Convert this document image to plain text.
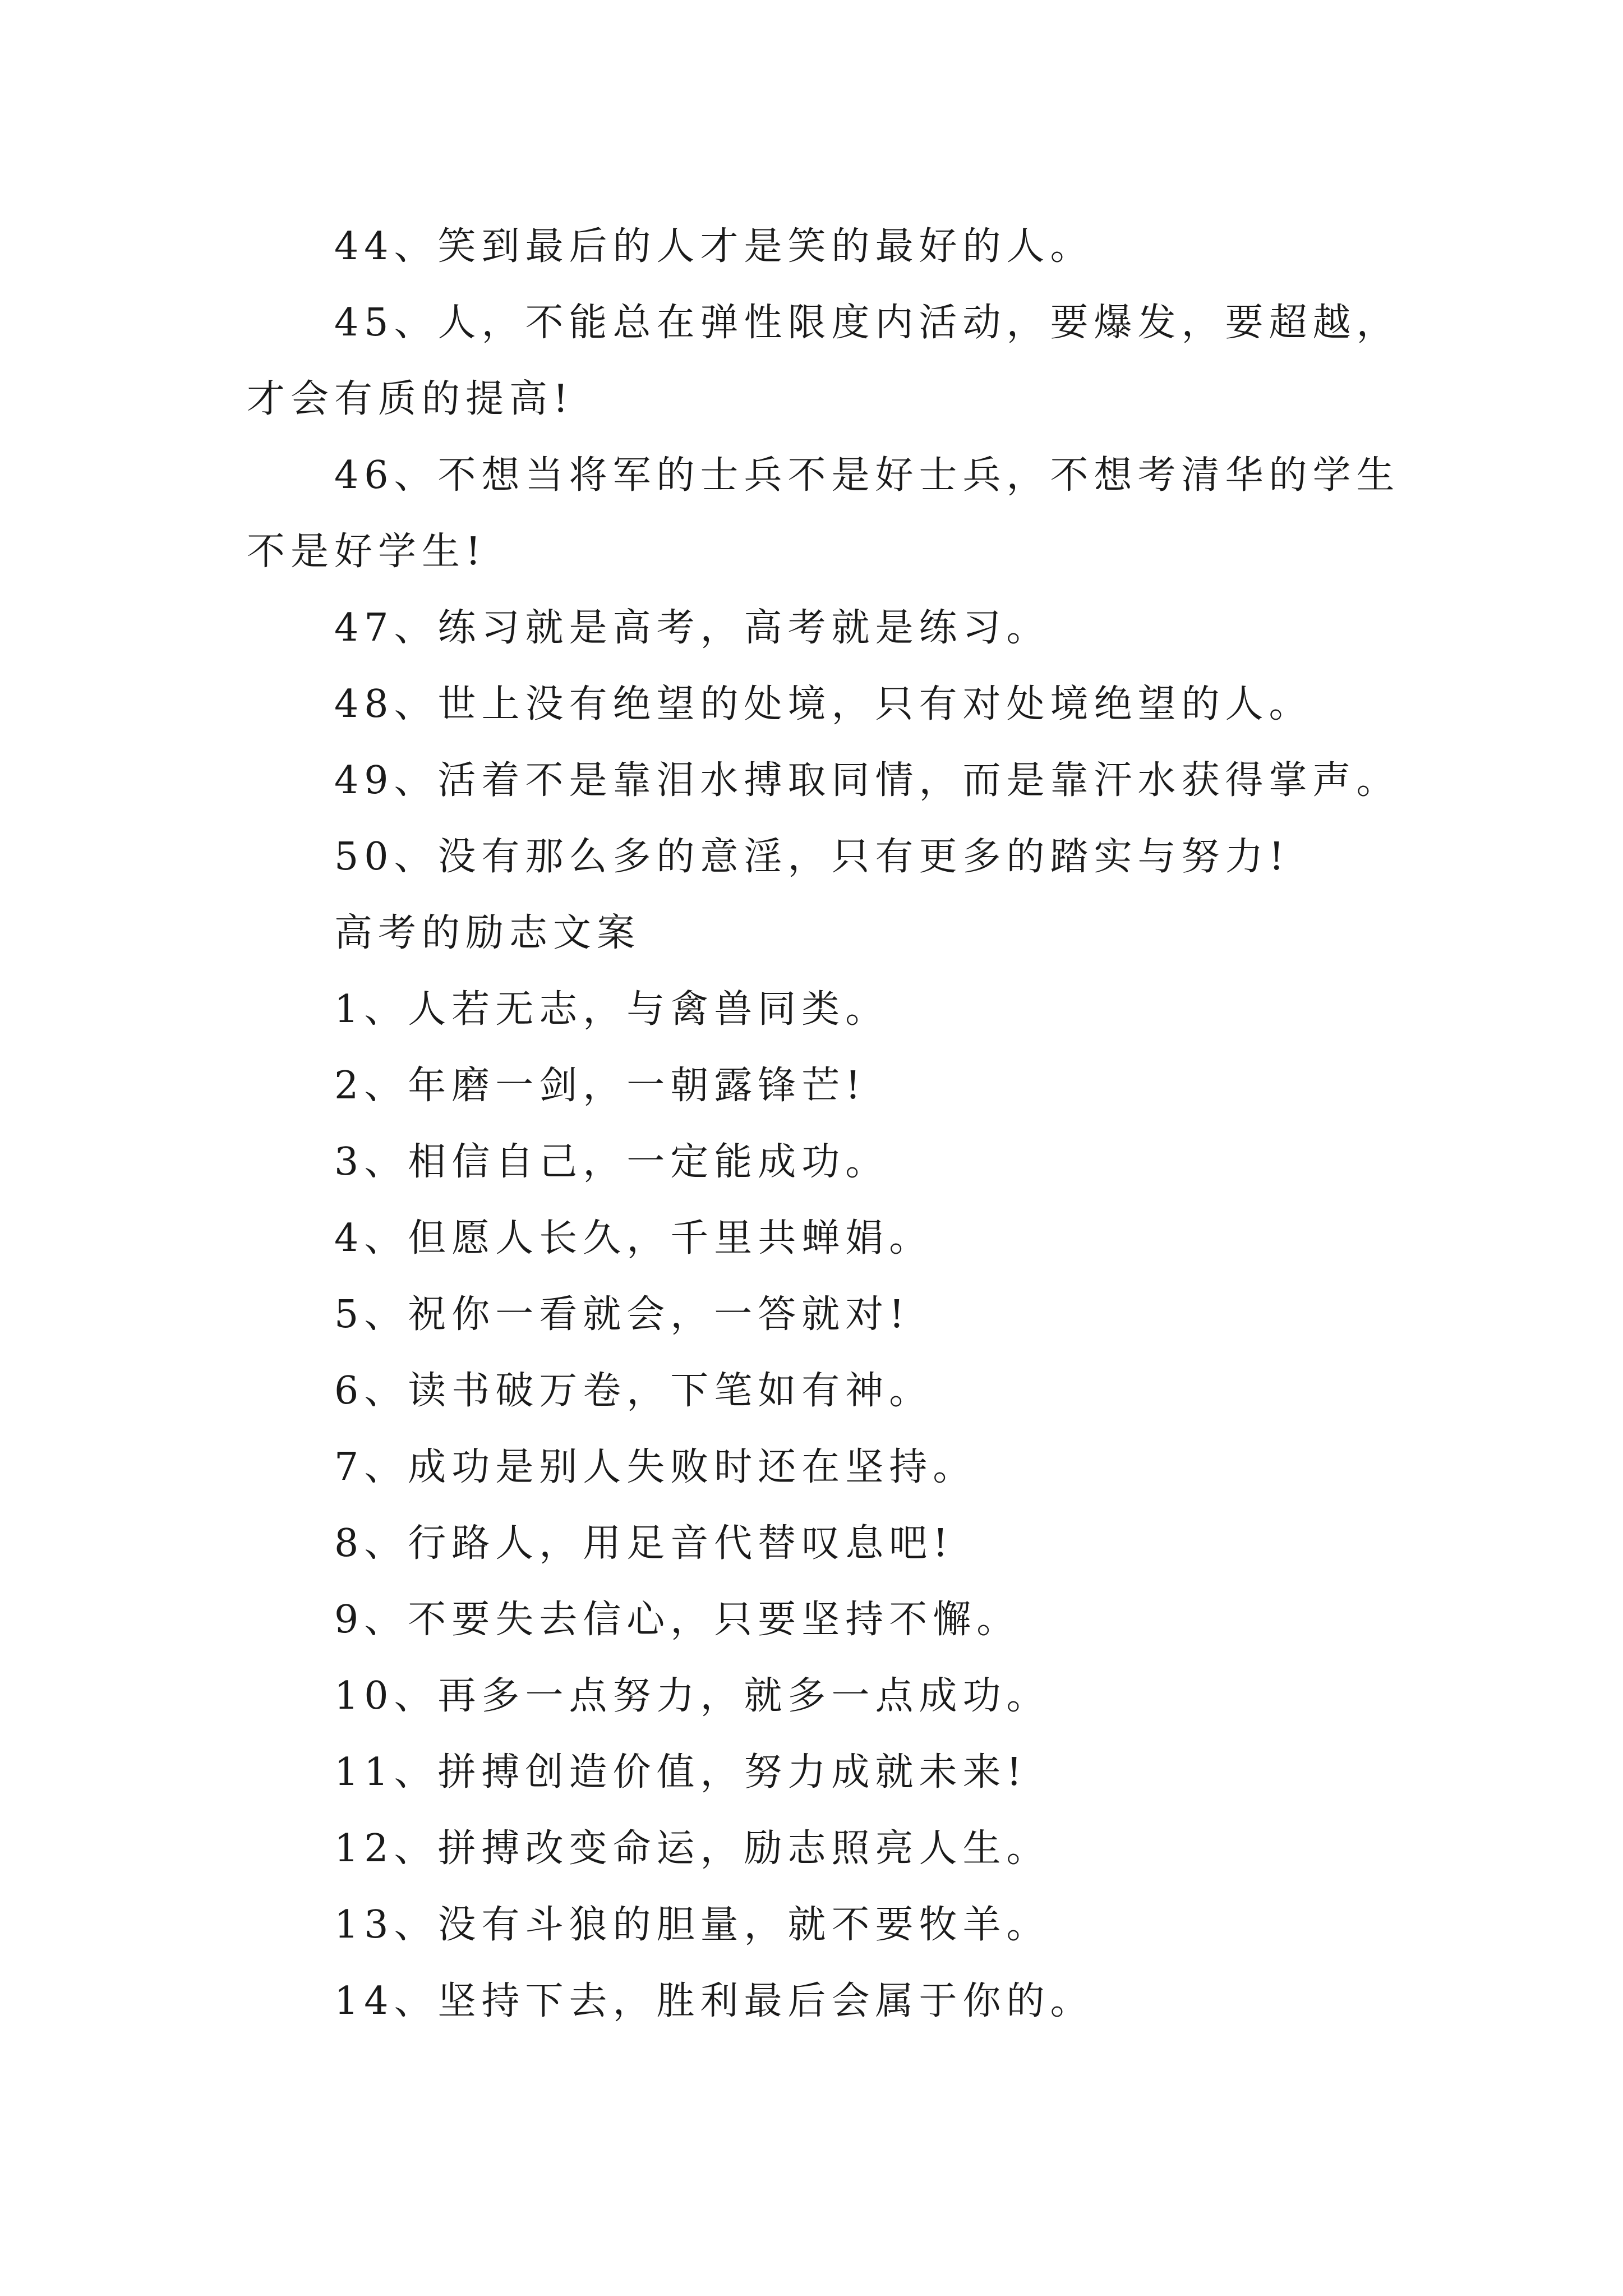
44、笑到最后的人才是笑的最好的人。

45、人，不能总在弹性限度内活动，要爆发，要超越，才会有质的提高!

46、不想当将军的士兵不是好士兵，不想考清华的学生不是好学生!

47、练习就是高考，高考就是练习。

48、世上没有绝望的处境，只有对处境绝望的人。

49、活着不是靠泪水搏取同情，而是靠汗水获得掌声。

50、没有那么多的意淫，只有更多的踏实与努力!

高考的励志文案

1、人若无志，与禽兽同类。

2、年磨一剑，一朝露锋芒!

3、相信自己，一定能成功。

4、但愿人长久，千里共蝉娟。

5、祝你一看就会，一答就对!

6、读书破万卷，下笔如有神。

7、成功是别人失败时还在坚持。

8、行路人，用足音代替叹息吧!

9、不要失去信心，只要坚持不懈。

10、再多一点努力，就多一点成功。

11、拼搏创造价值，努力成就未来!

12、拼搏改变命运，励志照亮人生。

13、没有斗狼的胆量，就不要牧羊。

14、坚持下去，胜利最后会属于你的。
